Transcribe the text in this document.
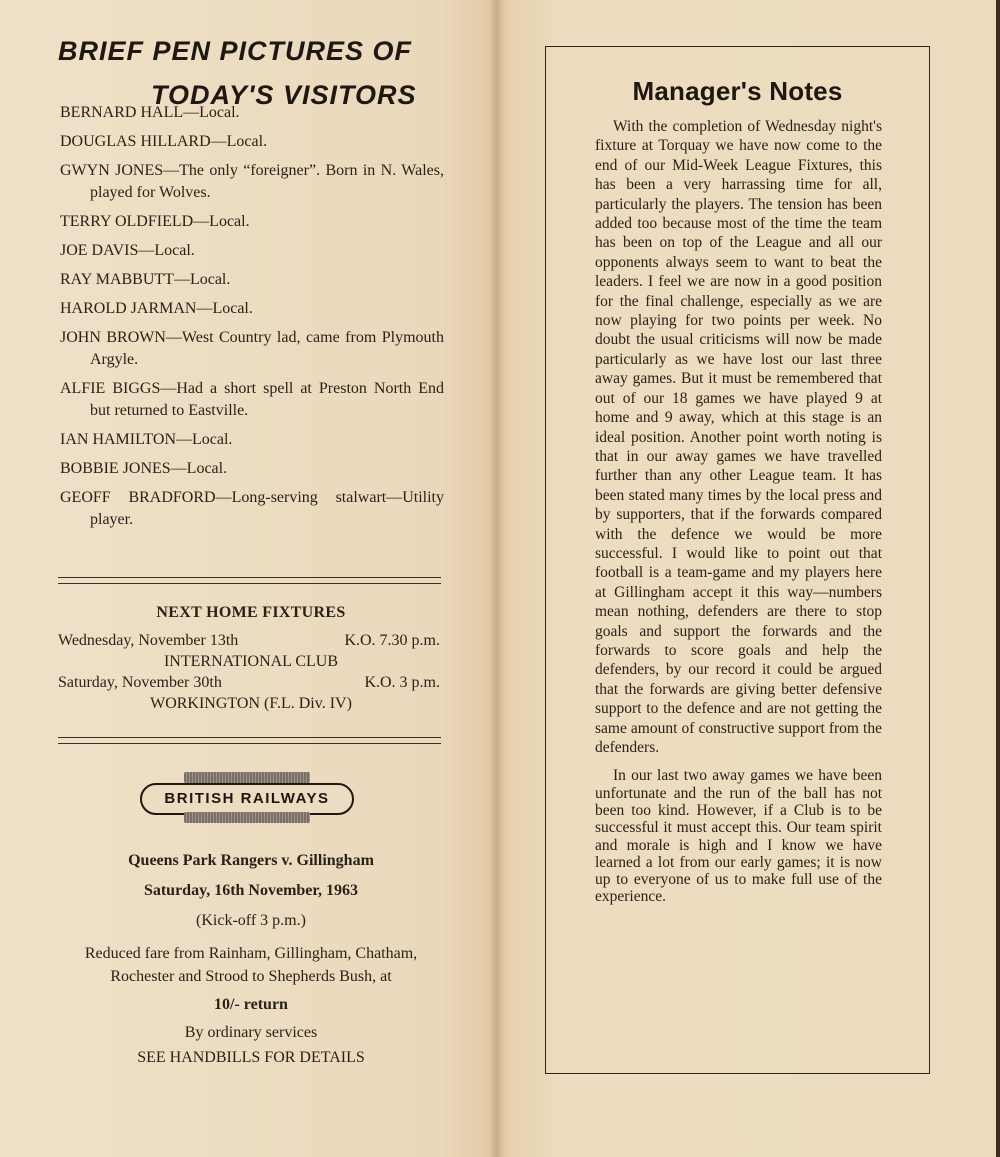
BRIEF PEN PICTURES OF
TODAY'S VISITORS
BERNARD HALL—Local.
DOUGLAS HILLARD—Local.
GWYN JONES—The only “foreigner”. Born in N. Wales, played for Wolves.
TERRY OLDFIELD—Local.
JOE DAVIS—Local.
RAY MABBUTT—Local.
HAROLD JARMAN—Local.
JOHN BROWN—West Country lad, came from Plymouth Argyle.
ALFIE BIGGS—Had a short spell at Preston North End but returned to Eastville.
IAN HAMILTON—Local.
BOBBIE JONES—Local.
GEOFF BRADFORD—Long-serving stalwart—Utility player.
NEXT HOME FIXTURES
Wednesday, November 13th	K.O. 7.30 p.m.
INTERNATIONAL CLUB
Saturday, November 30th	K.O. 3 p.m.
WORKINGTON (F.L. Div. IV)
BRITISH RAILWAYS

Queens Park Rangers v. Gillingham

Saturday, 16th November, 1963

(Kick-off 3 p.m.)

Reduced fare from Rainham, Gillingham, Chatham, Rochester and Strood to Shepherds Bush, at

10/- return

By ordinary services

SEE HANDBILLS FOR DETAILS

Manager's Notes

With the completion of Wednesday night's fixture at Torquay we have now come to the end of our Mid-Week League Fixtures, this has been a very harrassing time for all, particularly the players. The tension has been added too because most of the time the team has been on top of the League and all our opponents always seem to want to beat the leaders. I feel we are now in a good position for the final challenge, especially as we are now playing for two points per week. No doubt the usual criticisms will now be made particularly as we have lost our last three away games. But it must be remembered that out of our 18 games we have played 9 at home and 9 away, which at this stage is an ideal position. Another point worth noting is that in our away games we have travelled further than any other League team. It has been stated many times by the local press and by supporters, that if the forwards compared with the defence we would be more successful. I would like to point out that football is a team-game and my players here at Gillingham accept it this way—numbers mean nothing, defenders are there to stop goals and support the forwards and the forwards to score goals and help the defenders, by our record it could be argued that the forwards are giving better defensive support to the defence and are not getting the same amount of constructive support from the defenders.

In our last two away games we have been unfortunate and the run of the ball has not been too kind. However, if a Club is to be successful it must accept this. Our team spirit and morale is high and I know we have learned a lot from our early games; it is now up to everyone of us to make full use of the experience.
